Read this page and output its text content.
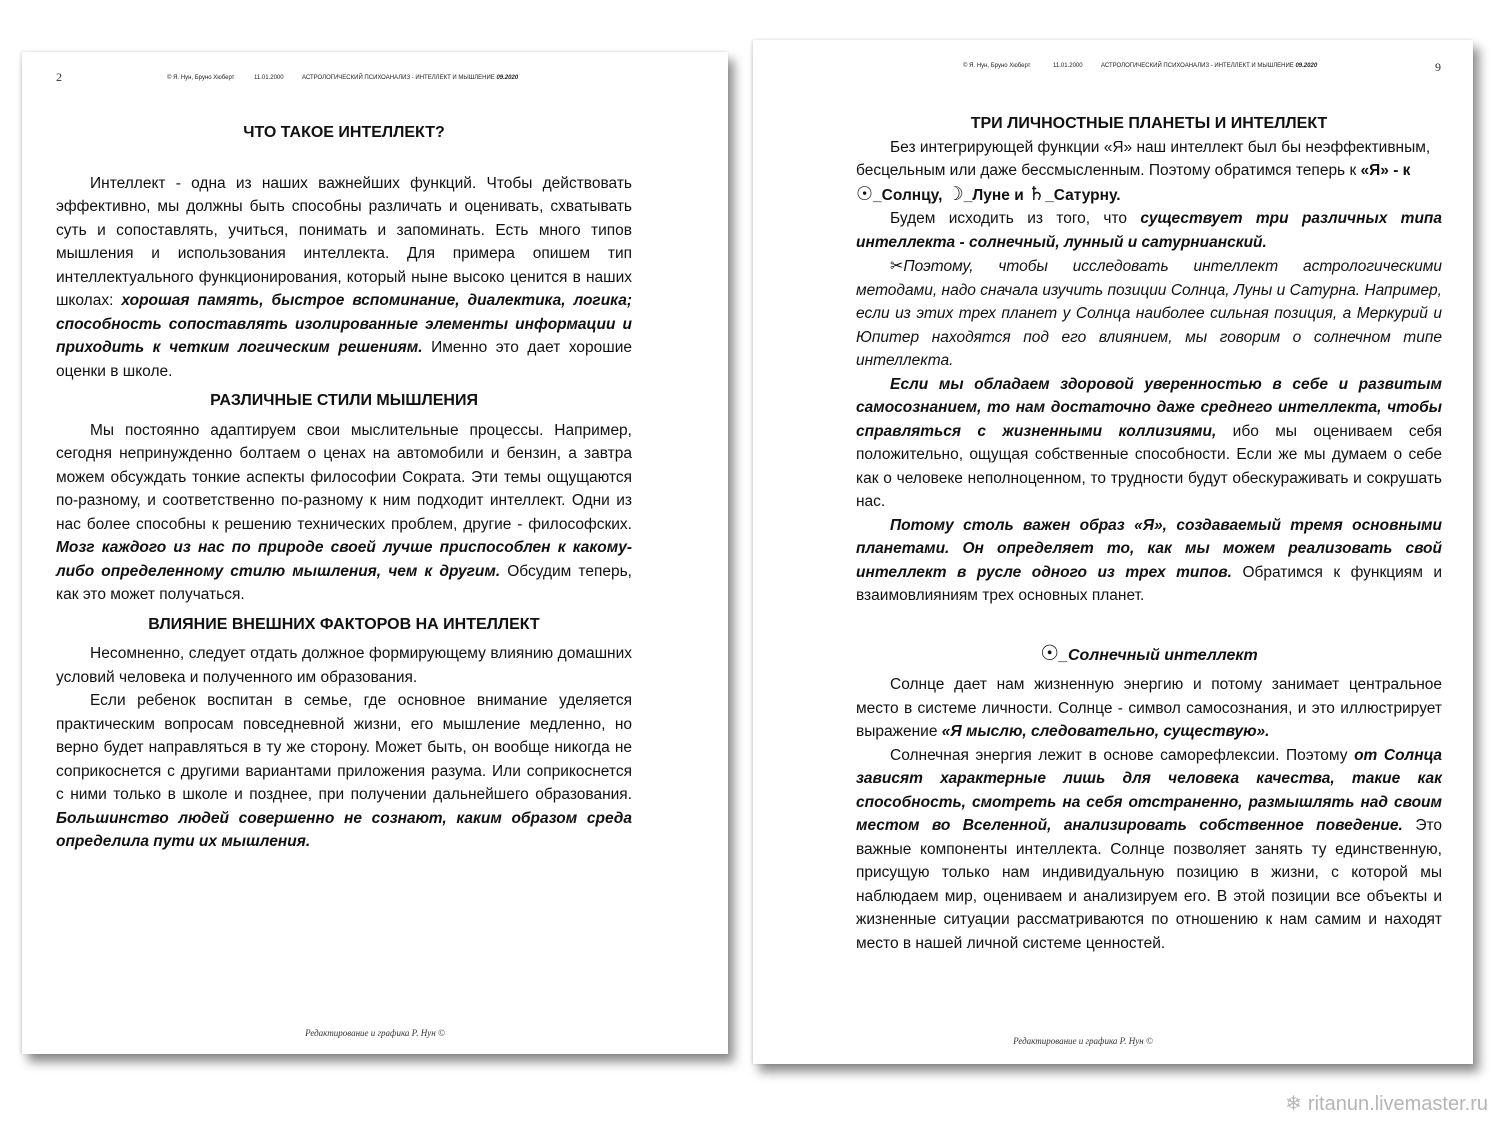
2	© Я. Нун, Бруно Хюберт	11.01.2000	АСТРОЛОГИЧЕСКИЙ ПСИХОАНАЛИЗ - ИНТЕЛЛЕКТ И МЫШЛЕНИЕ 09.2020
ЧТО ТАКОЕ ИНТЕЛЛЕКТ?

Интеллект - одна из наших важнейших функций. Чтобы действовать эффективно, мы должны быть способны различать и оценивать, схватывать суть и сопоставлять, учиться, понимать и запоминать. Есть много типов мышления и использования интеллекта. Для примера опишем тип интеллектуального функционирования, который ныне высоко ценится в наших школах: хорошая память, быстрое вспоминание, диалектика, логика; способность сопоставлять изолированные элементы информации и приходить к четким логическим решениям. Именно это дает хорошие оценки в школе.

РАЗЛИЧНЫЕ СТИЛИ МЫШЛЕНИЯ

Мы постоянно адаптируем свои мыслительные процессы. Например, сегодня непринужденно болтаем о ценах на автомобили и бензин, а завтра можем обсуждать тонкие аспекты философии Сократа. Эти темы ощущаются по-разному, и соответственно по-разному к ним подходит интеллект. Одни из нас более способны к решению технических проблем, другие - философских. Мозг каждого из нас по природе своей лучше приспособлен к какому-либо определенному стилю мышления, чем к другим. Обсудим теперь, как это может получаться.

ВЛИЯНИЕ ВНЕШНИХ ФАКТОРОВ НА ИНТЕЛЛЕКТ

Несомненно, следует отдать должное формирующему влиянию домашних условий человека и полученного им образования.

Если ребенок воспитан в семье, где основное внимание уделяется практическим вопросам повседневной жизни, его мышление медленно, но верно будет направляться в ту же сторону. Может быть, он вообще никогда не соприкоснется с другими вариантами приложения разума. Или соприкоснется с ними только в школе и позднее, при получении дальнейшего образования. Большинство людей совершенно не сознают, каким образом среда определила пути их мышления.

Редактирование и графика Р. Нун ©
© Я. Нун, Бруно Хюберт	11.01.2000	АСТРОЛОГИЧЕСКИЙ ПСИХОАНАЛИЗ - ИНТЕЛЛЕКТ И МЫШЛЕНИЕ 09.2020	9
ТРИ ЛИЧНОСТНЫЕ ПЛАНЕТЫ И ИНТЕЛЛЕКТ

Без интегрирующей функции «Я» наш интеллект был бы неэффективным, бесцельным или даже бессмысленным. Поэтому обратимся теперь к «Я» - к ☉_Солнцу, ☽_Луне и ♄_Сатурну.

Будем исходить из того, что существует три различных типа интеллекта - солнечный, лунный и сатурнианский.

✂Поэтому, чтобы исследовать интеллект астрологическими методами, надо сначала изучить позиции Солнца, Луны и Сатурна. Например, если из этих трех планет у Солнца наиболее сильная позиция, а Меркурий и Юпитер находятся под его влиянием, мы говорим о солнечном типе интеллекта.

Если мы обладаем здоровой уверенностью в себе и развитым самосознанием, то нам достаточно даже среднего интеллекта, чтобы справляться с жизненными коллизиями, ибо мы оцениваем себя положительно, ощущая собственные способности. Если же мы думаем о себе как о человеке неполноценном, то трудности будут обескураживать и сокрушать нас.

Потому столь важен образ «Я», создаваемый тремя основными планетами. Он определяет то, как мы можем реализовать свой интеллект в русле одного из трех типов. Обратимся к функциям и взаимовлияниям трех основных планет.

☉_Солнечный интеллект

Солнце дает нам жизненную энергию и потому занимает центральное место в системе личности. Солнце - символ самосознания, и это иллюстрирует выражение «Я мыслю, следовательно, существую».

Солнечная энергия лежит в основе саморефлексии. Поэтому от Солнца зависят характерные лишь для человека качества, такие как способность, смотреть на себя отстраненно, размышлять над своим местом во Вселенной, анализировать собственное поведение. Это важные компоненты интеллекта. Солнце позволяет занять ту единственную, присущую только нам индивидуальную позицию в жизни, с которой мы наблюдаем мир, оцениваем и анализируем его. В этой позиции все объекты и жизненные ситуации рассматриваются по отношению к нам самим и находят место в нашей личной системе ценностей.

Редактирование и графика Р. Нун ©
❄ ritanun.livemaster.ru
